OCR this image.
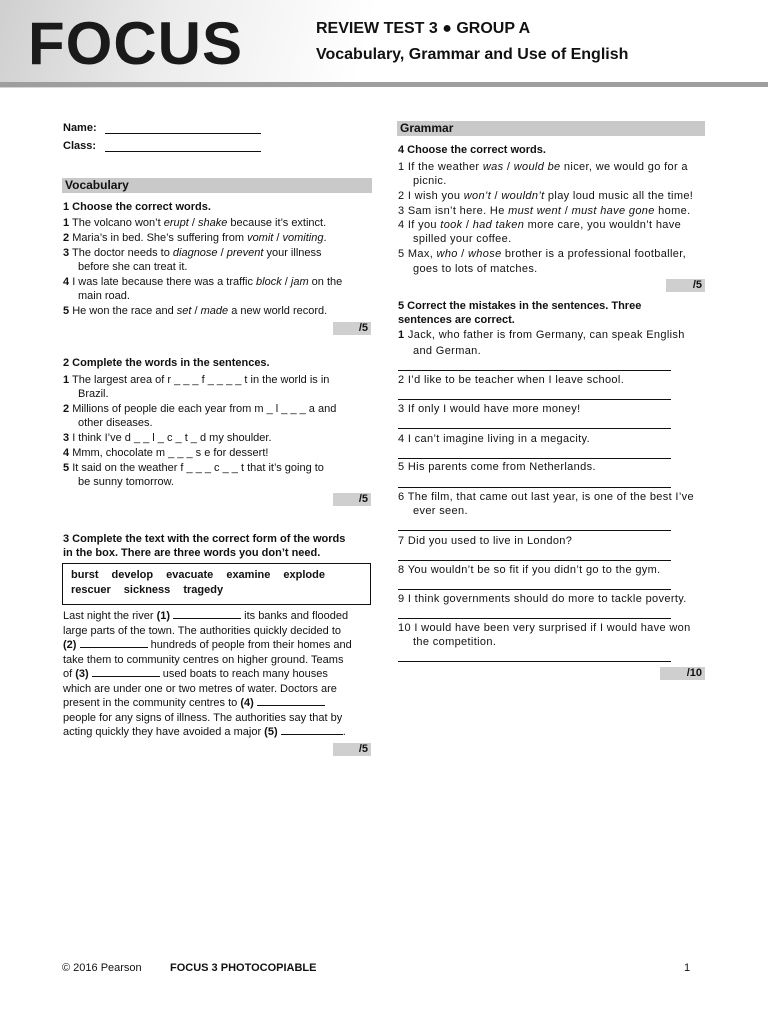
FOCUS	REVIEW TEST 3 ● GROUP A
Vocabulary, Grammar and Use of English
Name:
Class:
Vocabulary
1 Choose the correct words.
1 The volcano won’t erupt / shake because it’s extinct.
2 Maria’s in bed. She’s suffering from vomit / vomiting.
3 The doctor needs to diagnose / prevent your illness
before she can treat it.
4 I was late because there was a traffic block / jam on the
main road.
5 He won the race and set / made a new world record.
/5
2 Complete the words in the sentences.
1 The largest area of r _ _ _ f _ _ _ _ t in the world is in
Brazil.
2 Millions of people die each year from m _ l _ _ _ a and
other diseases.
3 I think I’ve d _ _ l _ c _ t _ d my shoulder.
4 Mmm, chocolate m _ _ _ s e for dessert!
5 It said on the weather f _ _ _ c _ _ t that it’s going to
be sunny tomorrow.
/5
3 Complete the text with the correct form of the words
in the box. There are three words you don’t need.
burst develop evacuate examine explode
rescuer sickness tragedy
Last night the river (1)	its banks and flooded
large parts of the town. The authorities quickly decided to
(2)	hundreds of people from their homes and
take them to community centres on higher ground. Teams
of (3)	used boats to reach many houses
which are under one or two metres of water. Doctors are
present in the community centres to (4)
people for any signs of illness. The authorities say that by
acting quickly they have avoided a major (5)	.
/5
Grammar
4 Choose the correct words.
1 If the weather was / would be nicer, we would go for a
picnic.
2 I wish you won’t / wouldn’t play loud music all the time!
3 Sam isn’t here. He must went / must have gone home.
4 If you took / had taken more care, you wouldn’t have
spilled your coffee.
5 Max, who / whose brother is a professional footballer,
goes to lots of matches.
/5
5 Correct the mistakes in the sentences. Three
sentences are correct.
1 Jack, who father is from Germany, can speak English
and German.
2 I’d like to be teacher when I leave school.
3 If only I would have more money!
4 I can’t imagine living in a megacity.
5 His parents come from Netherlands.
6 The film, that came out last year, is one of the best I’ve
ever seen.
7 Did you used to live in London?
8 You wouldn’t be so fit if you didn’t go to the gym.
9 I think governments should do more to tackle poverty.
10 I would have been very surprised if I would have won
the competition.
/10
© 2016 Pearson	FOCUS 3 PHOTOCOPIABLE	1
